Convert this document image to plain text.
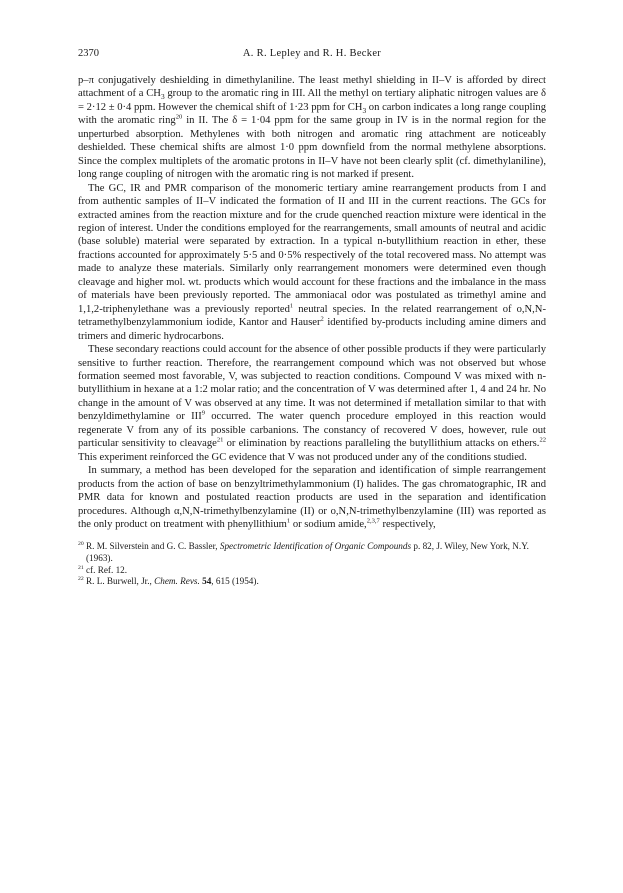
2370	A. R. Lepley and R. H. Becker

p–π conjugatively deshielding in dimethylaniline. The least methyl shielding in II–V is afforded by direct attachment of a $CH_3$ group to the aromatic ring in III. All the methyl on tertiary aliphatic nitrogen values are δ = 2·12 ± 0·4 ppm. However the chemical shift of 1·23 ppm for $CH_3$ on carbon indicates a long range coupling with the aromatic ring$^{20}$ in II. The δ = 1·04 ppm for the same group in IV is in the normal region for the unperturbed absorption. Methylenes with both nitrogen and aromatic ring attachment are noticeably deshielded. These chemical shifts are almost 1·0 ppm downfield from the normal methylene absorptions. Since the complex multiplets of the aromatic protons in II–V have not been clearly split (cf. dimethylaniline), long range coupling of nitrogen with the aromatic ring is not marked if present.

The GC, IR and PMR comparison of the monomeric tertiary amine rearrangement products from I and from authentic samples of II–V indicated the formation of II and III in the current reactions. The GCs for extracted amines from the reaction mixture and for the crude quenched reaction mixture were identical in the region of interest. Under the conditions employed for the rearrangements, small amounts of neutral and acidic (base soluble) material were separated by extraction. In a typical n-butyllithium reaction in ether, these fractions accounted for approximately 5·5 and 0·5% respectively of the total recovered mass. No attempt was made to analyze these materials. Similarly only rearrangement monomers were determined even though cleavage and higher mol. wt. products which would account for these fractions and the imbalance in the mass of materials have been previously reported. The ammoniacal odor was postulated as trimethyl amine and 1,1,2-triphenylethane was a previously reported$^1$ neutral species. In the related rearrangement of o,N,N-tetramethylbenzylammonium iodide, Kantor and Hauser$^2$ identified by-products including amine dimers and trimers and dimeric hydrocarbons.

These secondary reactions could account for the absence of other possible products if they were particularly sensitive to further reaction. Therefore, the rearrangement compound which was not observed but whose formation seemed most favorable, V, was subjected to reaction conditions. Compound V was mixed with n-butyllithium in hexane at a 1:2 molar ratio; and the concentration of V was determined after 1, 4 and 24 hr. No change in the amount of V was observed at any time. It was not determined if metallation similar to that with benzyldimethylamine or III$^9$ occurred. The water quench procedure employed in this reaction would regenerate V from any of its possible carbanions. The constancy of recovered V does, however, rule out particular sensitivity to cleavage$^{21}$ or elimination by reactions paralleling the butyllithium attacks on ethers.$^{22}$ This experiment reinforced the GC evidence that V was not produced under any of the conditions studied.

In summary, a method has been developed for the separation and identification of simple rearrangement products from the action of base on benzyltrimethylammonium (I) halides. The gas chromatographic, IR and PMR data for known and postulated reaction products are used in the separation and identification procedures. Although α,N,N-trimethylbenzylamine (II) or o,N,N-trimethylbenzylamine (III) was reported as the only product on treatment with phenyllithium$^1$ or sodium amide,$^{2,3,7}$ respectively,

$^{20}$ R. M. Silverstein and G. C. Bassler, Spectrometric Identification of Organic Compounds p. 82, J. Wiley, New York, N.Y. (1963).
$^{21}$ cf. Ref. 12.
$^{22}$ R. L. Burwell, Jr., Chem. Revs. 54, 615 (1954).
